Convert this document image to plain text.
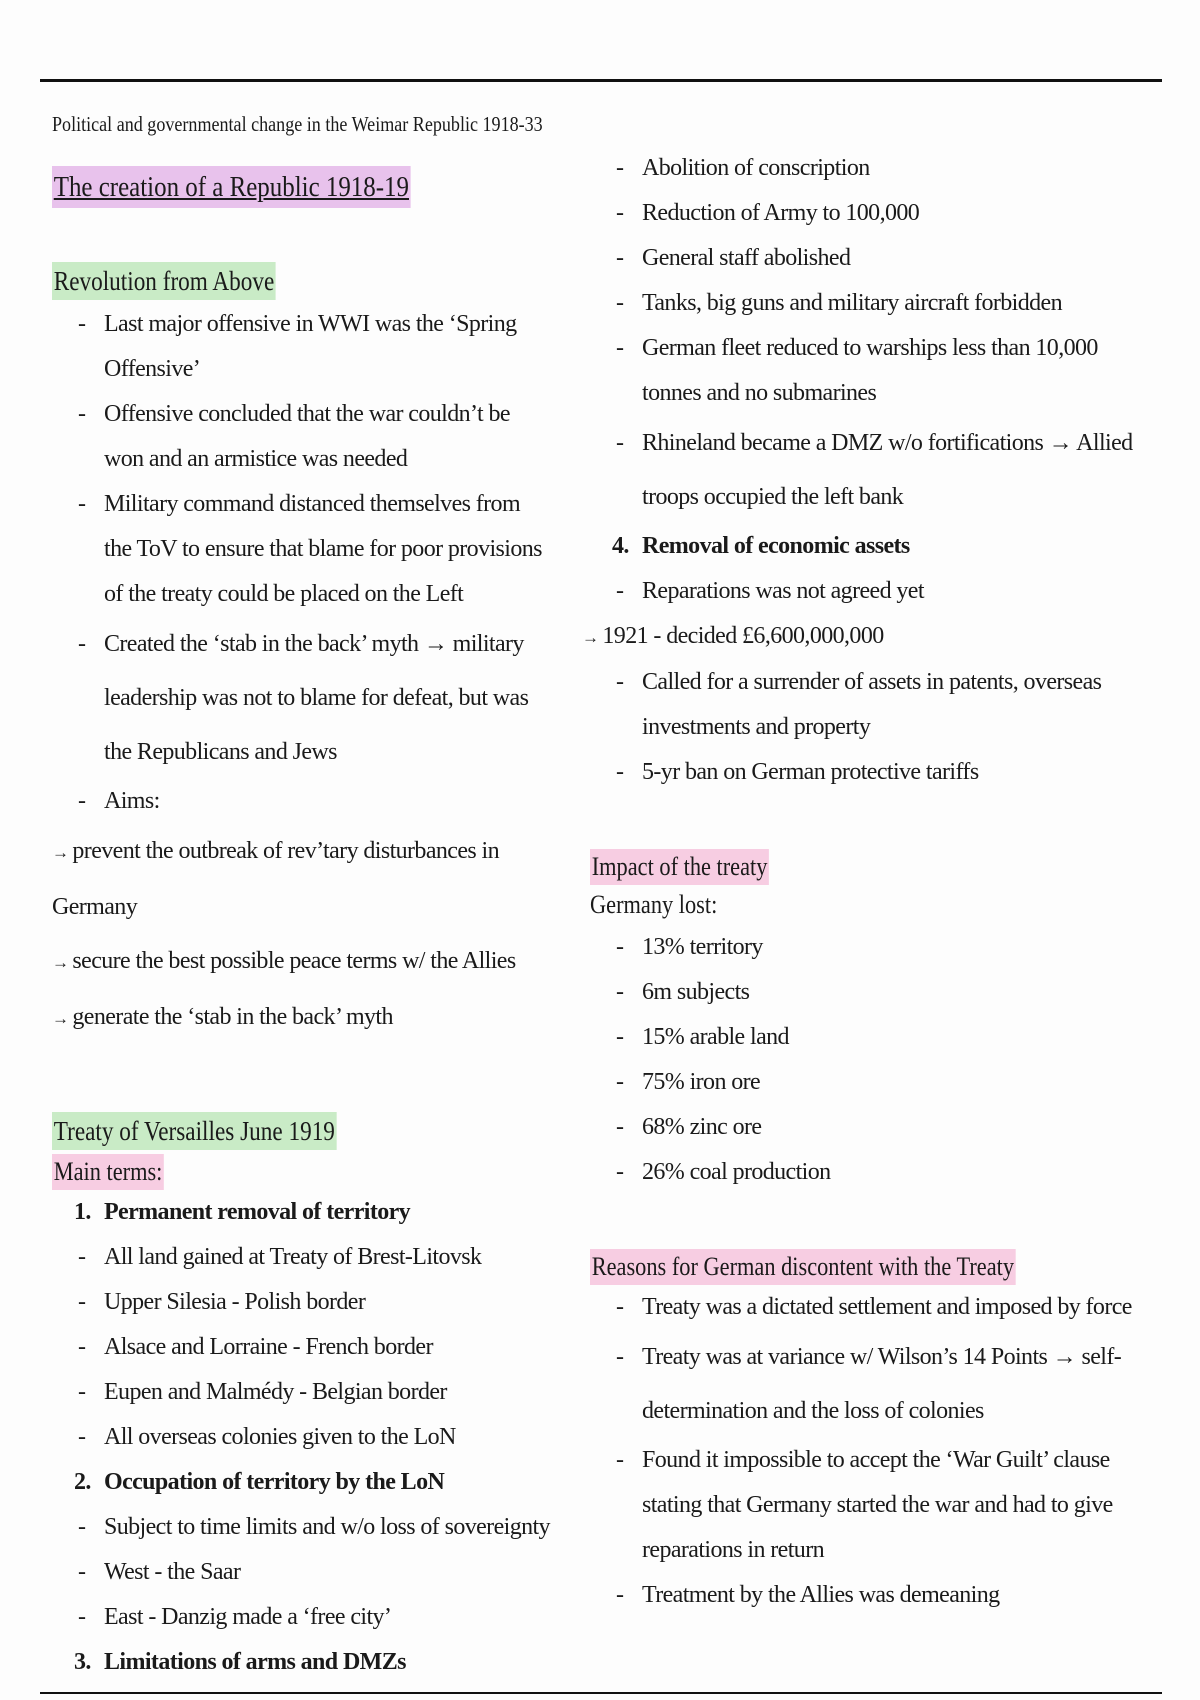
Political and governmental change in the Weimar Republic 1918-33
The creation of a Republic 1918-19
Revolution from Above
- Last major offensive in WWI was the ‘Spring Offensive’
- Offensive concluded that the war couldn’t be won and an armistice was needed
- Military command distanced themselves from the ToV to ensure that blame for poor provisions of the treaty could be placed on the Left
- Created the ‘stab in the back’ myth → military leadership was not to blame for defeat, but was the Republicans and Jews
- Aims:
→ prevent the outbreak of rev’tary disturbances in Germany
→ secure the best possible peace terms w/ the Allies
→ generate the ‘stab in the back’ myth
Treaty of Versailles June 1919
Main terms:
1. Permanent removal of territory
- All land gained at Treaty of Brest-Litovsk
- Upper Silesia - Polish border
- Alsace and Lorraine - French border
- Eupen and Malmédy - Belgian border
- All overseas colonies given to the LoN
2. Occupation of territory by the LoN
- Subject to time limits and w/o loss of sovereignty
- West - the Saar
- East - Danzig made a ‘free city’
3. Limitations of arms and DMZs
- Abolition of conscription
- Reduction of Army to 100,000
- General staff abolished
- Tanks, big guns and military aircraft forbidden
- German fleet reduced to warships less than 10,000 tonnes and no submarines
- Rhineland became a DMZ w/o fortifications → Allied troops occupied the left bank
4. Removal of economic assets
- Reparations was not agreed yet
→ 1921 - decided £6,600,000,000
- Called for a surrender of assets in patents, overseas investments and property
- 5-yr ban on German protective tariffs
Impact of the treaty
Germany lost:
- 13% territory
- 6m subjects
- 15% arable land
- 75% iron ore
- 68% zinc ore
- 26% coal production
Reasons for German discontent with the Treaty
- Treaty was a dictated settlement and imposed by force
- Treaty was at variance w/ Wilson’s 14 Points → self-determination and the loss of colonies
- Found it impossible to accept the ‘War Guilt’ clause stating that Germany started the war and had to give reparations in return
- Treatment by the Allies was demeaning
